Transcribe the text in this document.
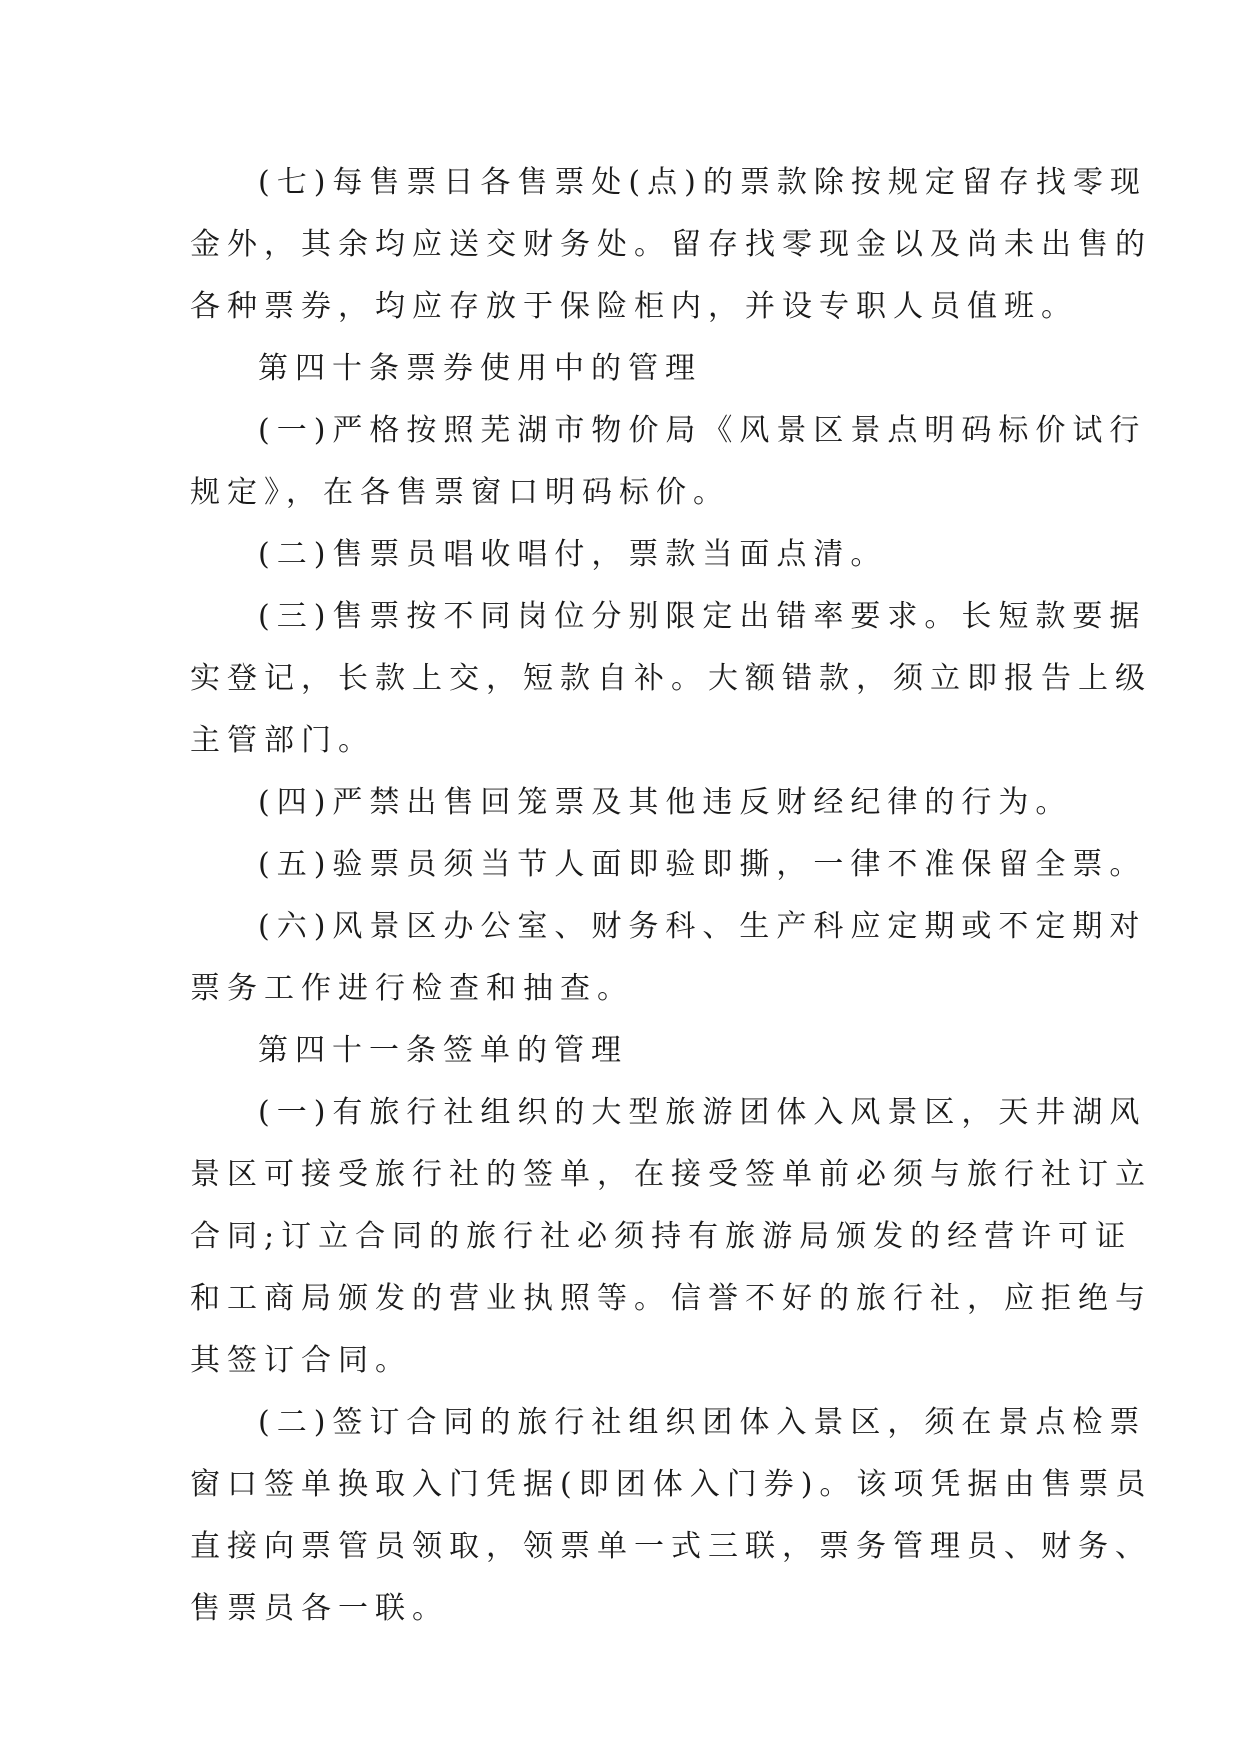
(七)每售票日各售票处(点)的票款除按规定留存找零现

金外，其余均应送交财务处。留存找零现金以及尚未出售的

各种票券，均应存放于保险柜内，并设专职人员值班。

第四十条票券使用中的管理

(一)严格按照芜湖市物价局《风景区景点明码标价试行

规定》，在各售票窗口明码标价。

(二)售票员唱收唱付，票款当面点清。

(三)售票按不同岗位分别限定出错率要求。长短款要据

实登记，长款上交，短款自补。大额错款，须立即报告上级

主管部门。

(四)严禁出售回笼票及其他违反财经纪律的行为。

(五)验票员须当节人面即验即撕，一律不准保留全票。

(六)风景区办公室、财务科、生产科应定期或不定期对

票务工作进行检查和抽查。

第四十一条签单的管理

(一)有旅行社组织的大型旅游团体入风景区，天井湖风

景区可接受旅行社的签单，在接受签单前必须与旅行社订立

合同;订立合同的旅行社必须持有旅游局颁发的经营许可证

和工商局颁发的营业执照等。信誉不好的旅行社，应拒绝与

其签订合同。

(二)签订合同的旅行社组织团体入景区，须在景点检票

窗口签单换取入门凭据(即团体入门券)。该项凭据由售票员

直接向票管员领取，领票单一式三联，票务管理员、财务、

售票员各一联。
